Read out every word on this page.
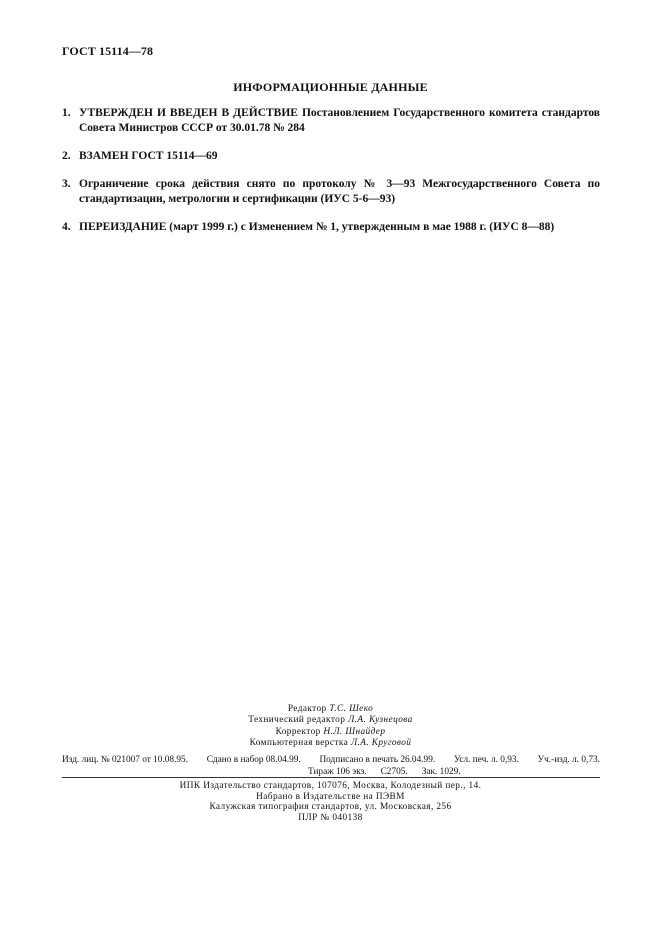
ГОСТ 15114—78
ИНФОРМАЦИОННЫЕ ДАННЫЕ
1. УТВЕРЖДЕН И ВВЕДЕН В ДЕЙСТВИЕ Постановлением Государственного комитета стандартов Совета Министров СССР от 30.01.78 № 284
2. ВЗАМЕН ГОСТ 15114—69
3. Ограничение срока действия снято по протоколу № 3—93 Межгосударственного Совета по стандартизации, метрологии и сертификации (ИУС 5-6—93)
4. ПЕРЕИЗДАНИЕ (март 1999 г.) с Изменением № 1, утвержденным в мае 1988 г. (ИУС 8—88)
Редактор Т.С. Шеко
Технический редактор Л.А. Кузнецова
Корректор Н.Л. Шнайдер
Компьютерная верстка Л.А. Круговой
Изд. лиц. № 021007 от 10.08.95. Сдано в набор 08.04.99. Подписано в печать 26.04.99. Усл. печ. л. 0,93. Уч.-изд. л. 0,73.
Тираж 106 экз. С2705. Зак. 1029.
ИПК Издательство стандартов, 107076, Москва, Колодезный пер., 14.
Набрано в Издательстве на ПЭВМ
Калужская типография стандартов, ул. Московская, 256
ПЛР № 040138
